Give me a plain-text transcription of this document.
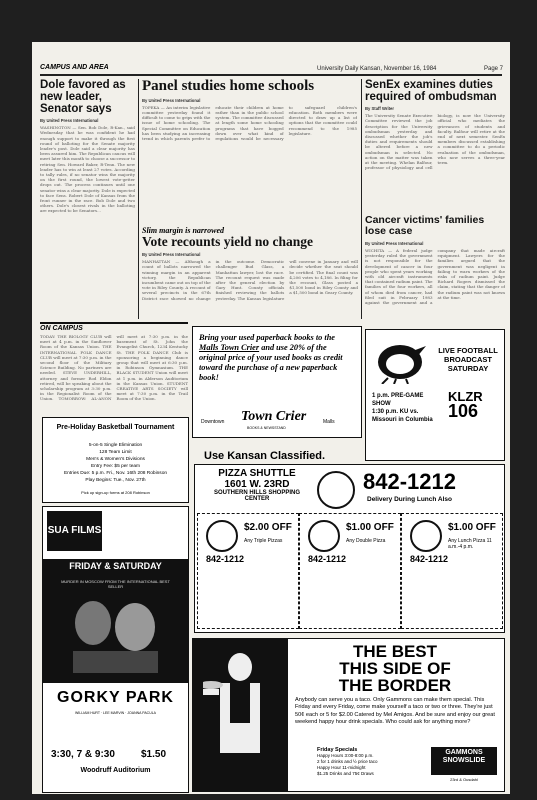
CAMPUS AND AREA	University Daily Kansan, November 16, 1984	Page 7
Dole favored as new leader, Senator says
By United Press International
WASHINGTON — Sen. Bob Dole, R-Kan., said Wednesday that he was confident he had enough support to make it through the first round of balloting for the Senate majority leader's post. Dole said a clear majority has been assured him. The Republican caucus will meet later this month to choose a successor to retiring Sen. Howard Baker, R-Tenn. The new leader has to win at least 27 votes. According to tally rules, if no senator wins the majority on the first round, the lowest vote-getter drops out. The process continues until one senator wins a clear majority. Dole is expected to face Sens. Robert Dole of Kansas from the front runner in the race. Bob Dole and two others. Dole's closest rivals in the balloting are expected to be Senators...
Panel studies home schools
By United Press International
TOPEKA — An interim legislative committee yesterday found it difficult to come to grips with the issue of home schooling. The Special Committee on Education has been studying an increasing trend in which parents prefer to educate their children at home rather than in the public school system. The committee discussed at length some home schooling programs that have bogged down over what kind of regulations would be necessary to safeguard children's education. Both members were directed to draw up a list of options that the committee could recommend to the 1985 legislature.
SenEx examines duties required of ombudsman
By Staff Writer
The University Senate Executive Committee reviewed the job description for the University ombudsman yesterday and discussed whether the job's duties and requirements should be altered before a new ombudsman is selected. No action on the matter was taken at the meeting. Whelan Balfour, professor of physiology and cell biology, is now the University official who mediates the grievances of students and faculty. Balfour will retire at the end of next semester. SenEx members discussed establishing a committee to do a periodic evaluation of the ombudsman, who now serves a three-year term.
Slim margin is narrowed
Vote recounts yield no change
By United Press International
MANHATTAN — Although a count of ballots narrowed the winning margin in an apparent victory, the Republican incumbent came out on top of the vote in Riley County. A recount of several precincts in the 67th District race showed no change in the outcome. Democratic challenger Bud Glass, a Manhattan lawyer, lost the race. The recount request was made after the general election by Gary Hunt. County officials finished reviewing the ballots yesterday. The Kansas legislature will convene in January and will decide whether the seat should be certified. The final count was 4,206 votes to 4,186. In filing for the recount, Glass posted a $1,500 bond in Riley County and a $1,500 bond in Geary County.
Cancer victims' families lose case
By United Press International
WICHITA — A federal judge yesterday ruled the government is not responsible for the development of cancer in four people who spent years working with old aircraft instruments that contained radium paint. The families of the four workers, all of whom died from cancer, had filed suit in February 1983 against the government and a company that made aircraft equipment. Lawyers for the families argued that the government was negligent in failing to warn workers of the risks of radium paint. Judge Richard Rogers dismissed the claim, stating that the danger of the radium paint was not known at the time.
ON CAMPUS
TODAY: THE BIOLOGY CLUB will meet at 4 p.m. in the Sunflower Room of the Kansas Union. THE INTERNATIONAL FOLK DANCE CLUB will meet at 7:30 p.m. in the second floor of the Military Science Building. No partners are needed. STEVE UNDERHILL, attorney and former Rod Eldon retired, will be speaking about the scholarship program at 3:30 p.m. in the Regionalist Room of the Union. TOMORROW: AL-ANON will meet at 7:30 p.m. in the basement of St. John the Evangelist Church, 1234 Kentucky St. THE FOLK DANCE Club is sponsoring a beginning dance group that will meet at 6:30 p.m. in Robinson Gymnasium. THE BLACK STUDENT Union will meet at 1 p.m. in Alderson Auditorium in the Kansas Union. STUDENT CREATIVE ARTS SOCIETY will meet at 7:30 p.m. in the Trail Room of the Union.
Bring your used paperback books to the Malls Town Crier and use 20% of the original price of your used books as credit toward the purchase of a new paperback book!
Downtown Town Crier
BOOKS & NEWSSTAND
Malls
LIVE FOOTBALL
BROADCAST
SATURDAY
1 p.m. PRE-GAME SHOW
1:30 p.m. KU vs. Missouri in Columbia
KLZR
106
Pre-Holiday Basketball Tournament
5-on-5 Single Elimination
128 Team Limit
Men's & Women's Divisions
Entry Fee: $5 per team
Entries Due: 5 p.m. Fri., Nov. 16th 208 Robinson
Play Begins: Tue., Nov. 27th
Pick up sign-up forms at 208 Robinson
SUA FILMS
FRIDAY & SATURDAY
MURDER IN MOSCOW FROM THE INTERNATIONAL BEST SELLER
GORKY PARK
WILLIAM HURT · LEE MARVIN · JOANNA PACULA
3:30, 7 & 9:30	$1.50
Woodruff Auditorium
Use Kansan Classified.
PIZZA SHUTTLE
1601 W. 23RD
SOUTHERN HILLS SHOPPING CENTER
842-1212
Delivery During Lunch Also
$2.00 OFF
Any Triple Pizzas
842-1212
$1.00 OFF
Any Double Pizza
842-1212
$1.00 OFF
Any Lunch Pizza 11 a.m.-4 p.m.
842-1212
THE BEST
THIS SIDE OF
THE BORDER
Anybody can serve you a taco. Only Gammons can make them special. This Friday and every Friday, come make yourself a taco or two or three. They're just 50¢ each or 5 for $2.00 Catered by Mel Amigos. And be sure and enjoy our great weekend happy hour drink specials. Who could ask for anything more?
Friday Specials
Happy Hours 3:00-8:00 p.m.
2 for 1 drinks and ½ price taco
Happy Hour 11-midnight
$1.25 Drinks and 75¢ Draws
GAMMONS SNOWSLIDE
23rd & Ousdahl
